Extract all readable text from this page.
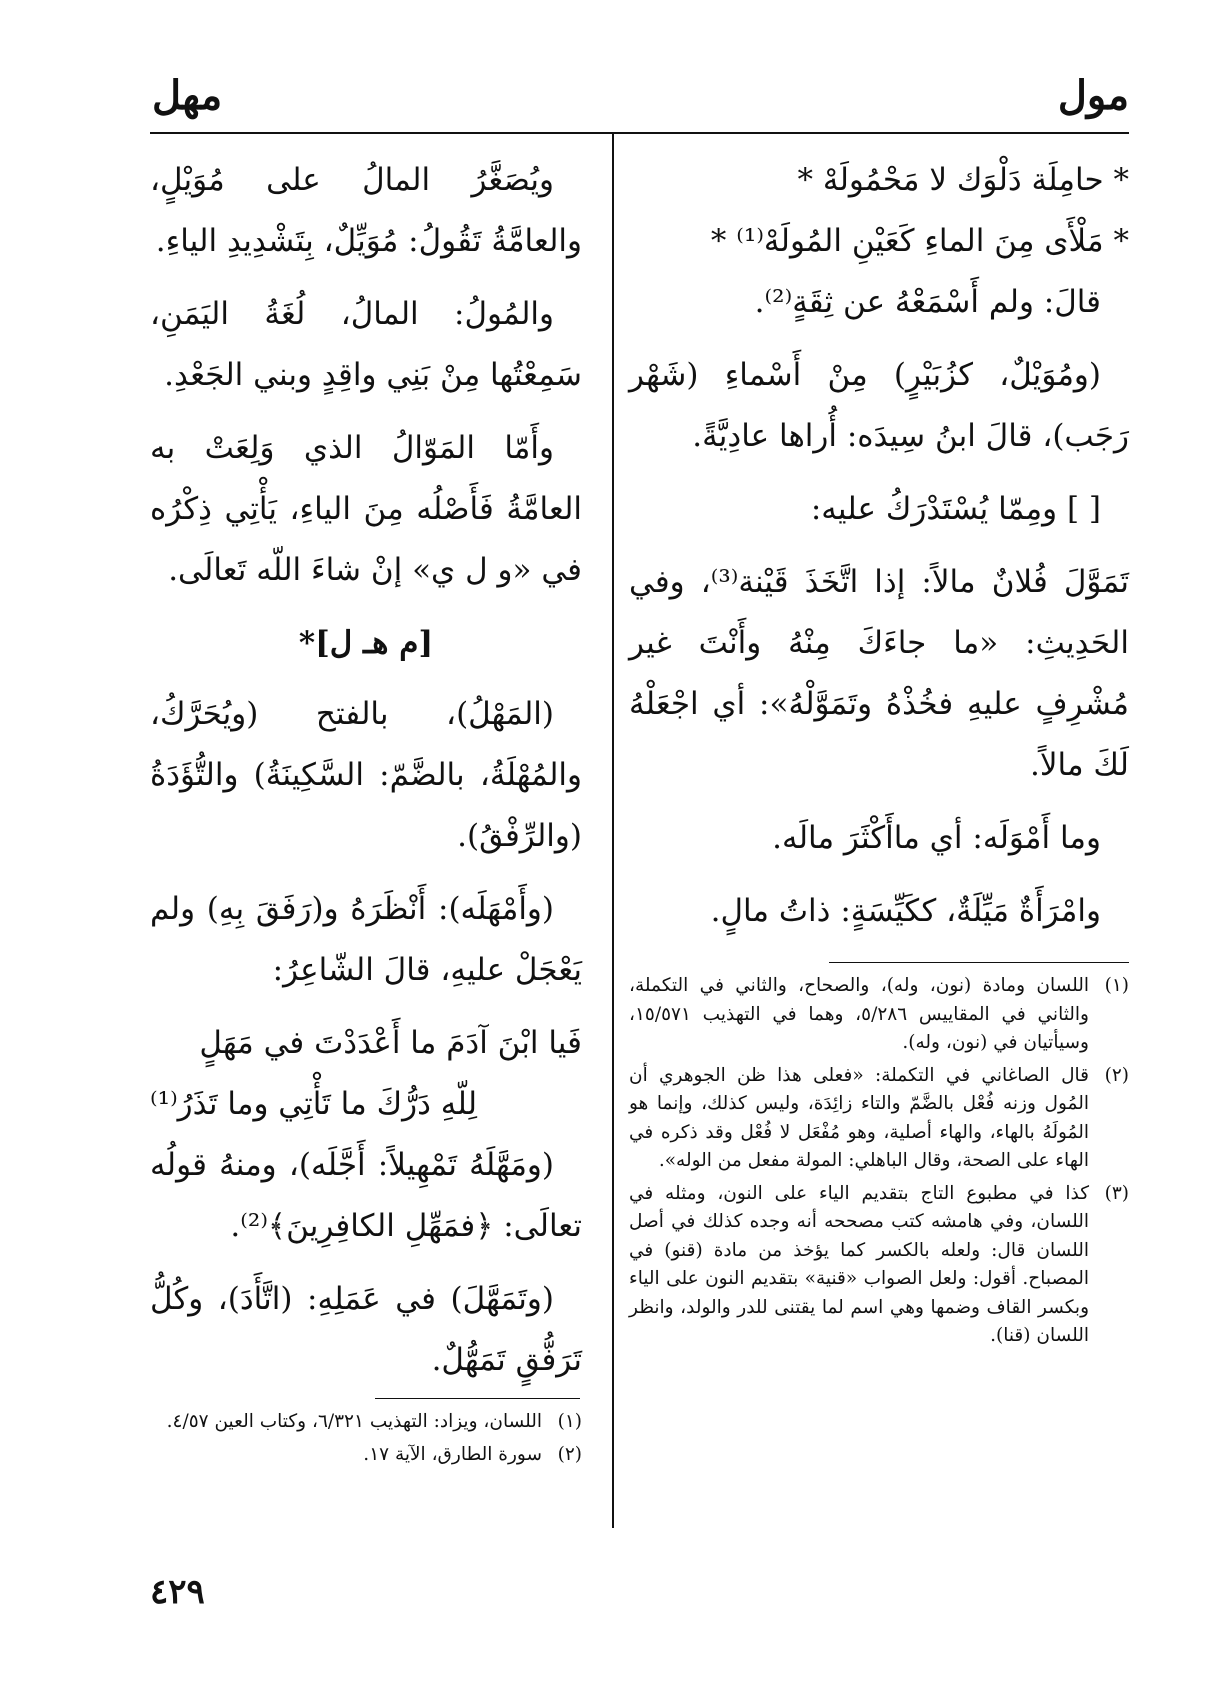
مول
مهل
* حامِلَة دَلْوَك لا مَحْمُولَهْ *
* مَلْأَى مِنَ الماءِ كَعَيْنِ المُولَهْ⁽¹⁾ *

قالَ: ولم أَسْمَعْهُ عن ثِقَةٍ⁽²⁾.

(ومُوَيْلٌ، كزُبَيْرٍ) مِنْ أَسْماءِ (شَهْر رَجَب)، قالَ ابنُ سِيدَه: أُراها عادِيَّةً.

[ ] ومِمّا يُسْتَدْرَكُ عليه:

تَمَوَّلَ فُلانٌ مالاً: إذا اتَّخَذَ قَيْنة⁽³⁾، وفي الحَدِيثِ: «ما جاءَكَ مِنْهُ وأَنْتَ غير مُشْرِفٍ عليهِ فخُذْهُ وتَمَوَّلْهُ»: أي اجْعَلْهُ لَكَ مالاً.

وما أَمْوَلَه: أي ماأَكْثَرَ مالَه.

وامْرَأَةٌ مَيِّلَةٌ، ككَيِّسَةٍ: ذاتُ مالٍ.

(١)
اللسان ومادة (نون، وله)، والصحاح، والثاني في التكملة، والثاني في المقاييس ٥/٢٨٦، وهما في التهذيب ١٥/٥٧١، وسيأتيان في (نون، وله).
(٢)
قال الصاغاني في التكملة: «فعلى هذا ظن الجوهري أن المُول وزنه فُعْل بالضَّمّ والتاء زائِدَة، وليس كذلك، وإنما هو المُولَهُ بالهاء، والهاء أصلية، وهو مُفْعَل لا فُعْل وقد ذكره في الهاء على الصحة، وقال الباهلي: المولة مفعل من الوله».
(٣)
كذا في مطبوع التاج بتقديم الياء على النون، ومثله في اللسان، وفي هامشه كتب مصححه أنه وجده كذلك في أصل اللسان قال: ولعله بالكسر كما يؤخذ من مادة (قنو) في المصباح. أقول: ولعل الصواب «قنية» بتقديم النون على الياء وبكسر القاف وضمها وهي اسم لما يقتنى للدر والولد، وانظر اللسان (قنا).

ويُصَغَّرُ المالُ على مُوَيْلٍ، والعامَّةُ تَقُولُ: مُوَيِّلٌ، بِتَشْدِيدِ الياءِ.

والمُولُ: المالُ، لُغَةُ اليَمَنِ، سَمِعْتُها مِنْ بَنِي واقِدٍ وبني الجَعْدِ.

وأَمّا المَوّالُ الذي وَلِعَتْ به العامَّةُ فَأَصْلُه مِنَ الياءِ، يَأْتِي ذِكْرُه في «و ل ي» إنْ شاءَ اللّه تَعالَى.

[م هـ ل]*

(المَهْلُ)، بالفتح (ويُحَرَّكُ، والمُهْلَةُ، بالضَّمّ: السَّكِينَةُ) والتُّؤَدَةُ (والرِّفْقُ).

(وأَمْهَلَه): أَنْظَرَهُ و(رَفَقَ بِهِ) ولم يَعْجَلْ عليهِ، قالَ الشّاعِرُ:

فَيا ابْنَ آدَمَ ما أَعْدَدْتَ في مَهَلٍ
لِلّهِ دَرُّكَ ما تَأْتِي وما تَذَرُ⁽¹⁾

(ومَهَّلَهُ تَمْهِيلاً: أَجَّلَه)، ومنهُ قولُه تعالَى: ﴿فمَهِّلِ الكافِرِينَ﴾⁽²⁾.

(وتَمَهَّلَ) في عَمَلِهِ: (اتَّأَدَ)، وكُلُّ تَرَفُّقٍ تَمَهُّلٌ.

(١)
اللسان، ويزاد: التهذيب ٦/٣٢١، وكتاب العين ٤/٥٧.
(٢)
سورة الطارق، الآية ١٧.
٤٢٩
